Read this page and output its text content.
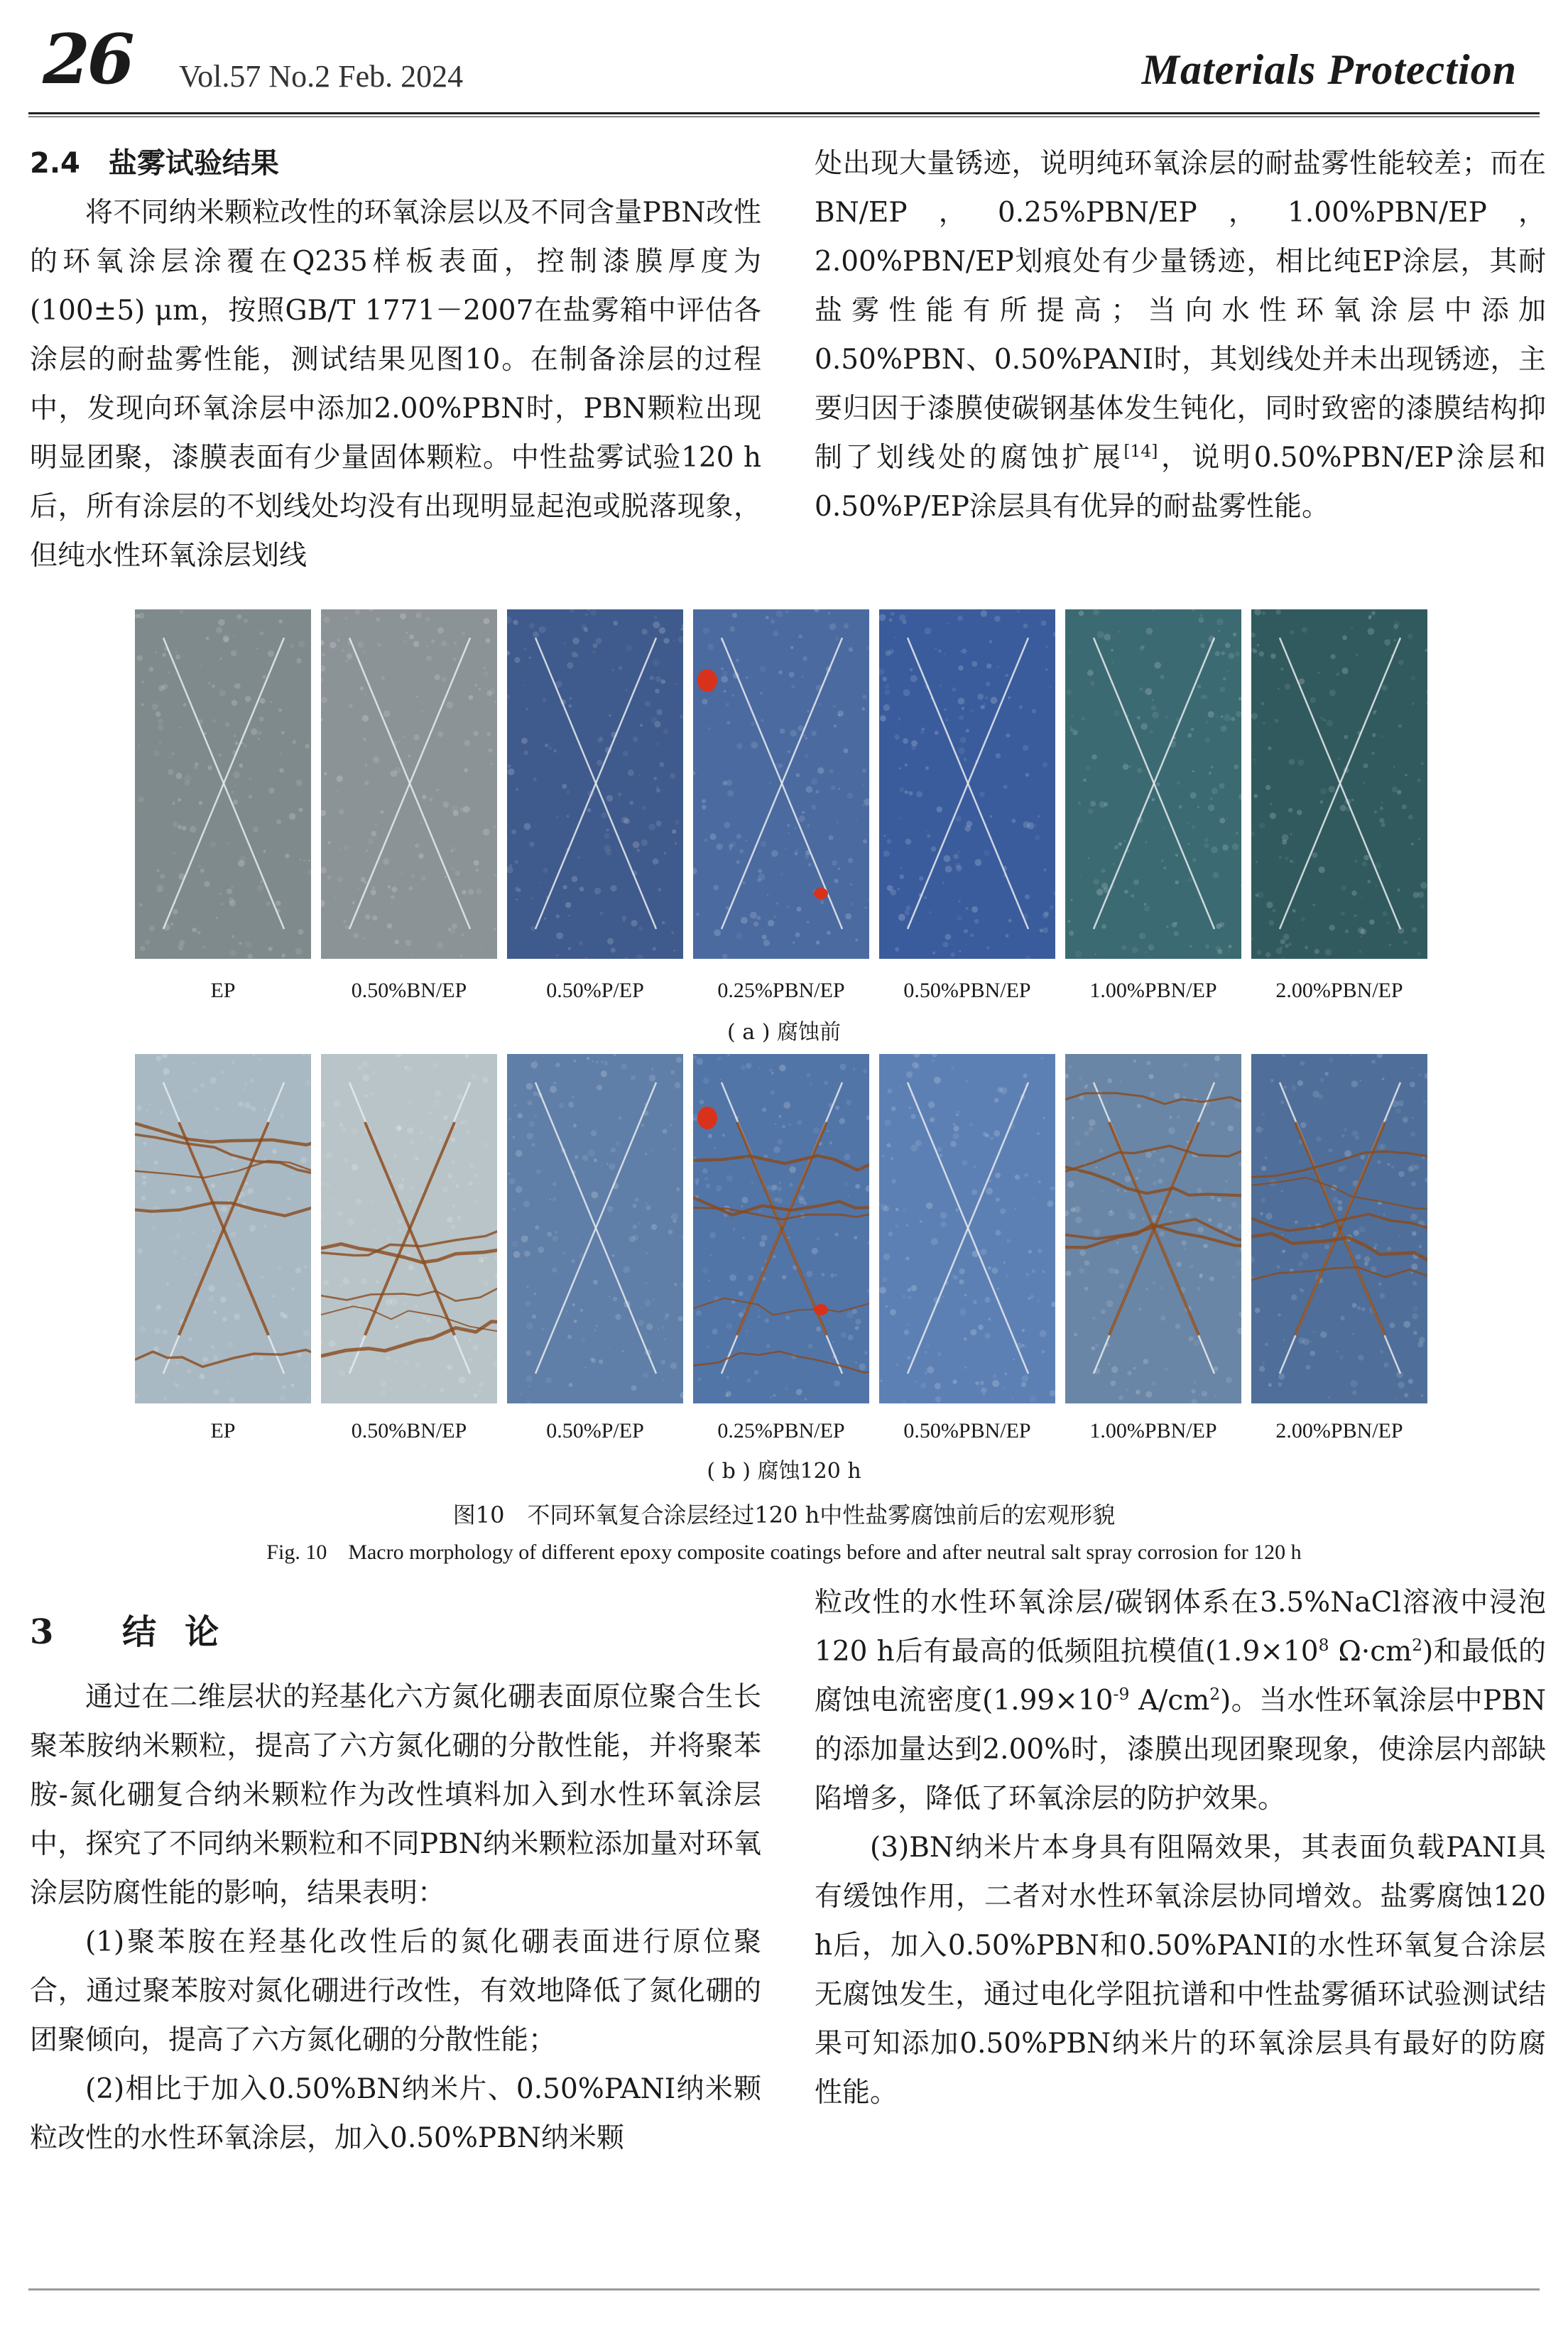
26 Vol.57 No.2 Feb. 2024	Materials Protection

2.4　盐雾试验结果

将不同纳米颗粒改性的环氧涂层以及不同含量PBN改性的环氧涂层涂覆在Q235样板表面，控制漆膜厚度为(100±5) μm，按照GB/T 1771－2007在盐雾箱中评估各涂层的耐盐雾性能，测试结果见图10。在制备涂层的过程中，发现向环氧涂层中添加2.00%PBN时，PBN颗粒出现明显团聚，漆膜表面有少量固体颗粒。中性盐雾试验120 h后，所有涂层的不划线处均没有出现明显起泡或脱落现象，但纯水性环氧涂层划线

处出现大量锈迹，说明纯环氧涂层的耐盐雾性能较差；而在BN/EP，0.25%PBN/EP，1.00%PBN/EP，2.00%PBN/EP划痕处有少量锈迹，相比纯EP涂层，其耐盐雾性能有所提高；当向水性环氧涂层中添加0.50%PBN、0.50%PANI时，其划线处并未出现锈迹，主要归因于漆膜使碳钢基体发生钝化，同时致密的漆膜结构抑制了划线处的腐蚀扩展[14]，说明0.50%PBN/EP涂层和0.50%P/EP涂层具有优异的耐盐雾性能。

EP	0.50%BN/EP	0.50%P/EP	0.25%PBN/EP	0.50%PBN/EP	1.00%PBN/EP	2.00%PBN/EP
( a ) 腐蚀前
EP	0.50%BN/EP	0.50%P/EP	0.25%PBN/EP	0.50%PBN/EP	1.00%PBN/EP	2.00%PBN/EP
( b ) 腐蚀120 h
图10　不同环氧复合涂层经过120 h中性盐雾腐蚀前后的宏观形貌
Fig. 10　Macro morphology of different epoxy composite coatings before and after neutral salt spray corrosion for 120 h

3 结论

通过在二维层状的羟基化六方氮化硼表面原位聚合生长聚苯胺纳米颗粒，提高了六方氮化硼的分散性能，并将聚苯胺-氮化硼复合纳米颗粒作为改性填料加入到水性环氧涂层中，探究了不同纳米颗粒和不同PBN纳米颗粒添加量对环氧涂层防腐性能的影响，结果表明：

(1)聚苯胺在羟基化改性后的氮化硼表面进行原位聚合，通过聚苯胺对氮化硼进行改性，有效地降低了氮化硼的团聚倾向，提高了六方氮化硼的分散性能；

(2)相比于加入0.50%BN纳米片、0.50%PANI纳米颗粒改性的水性环氧涂层，加入0.50%PBN纳米颗

粒改性的水性环氧涂层/碳钢体系在3.5%NaCl溶液中浸泡120 h后有最高的低频阻抗模值($1.9\times 10^8$ $\Omega\cdot cm^2$)和最低的腐蚀电流密度($1.99\times 10^{-9}$ $A/cm^2$)。当水性环氧涂层中PBN的添加量达到2.00%时，漆膜出现团聚现象，使涂层内部缺陷增多，降低了环氧涂层的防护效果。

(3)BN纳米片本身具有阻隔效果，其表面负载PANI具有缓蚀作用，二者对水性环氧涂层协同增效。盐雾腐蚀120 h后，加入0.50%PBN和0.50%PANI的水性环氧复合涂层无腐蚀发生，通过电化学阻抗谱和中性盐雾循环试验测试结果可知添加0.50%PBN纳米片的环氧涂层具有最好的防腐性能。
